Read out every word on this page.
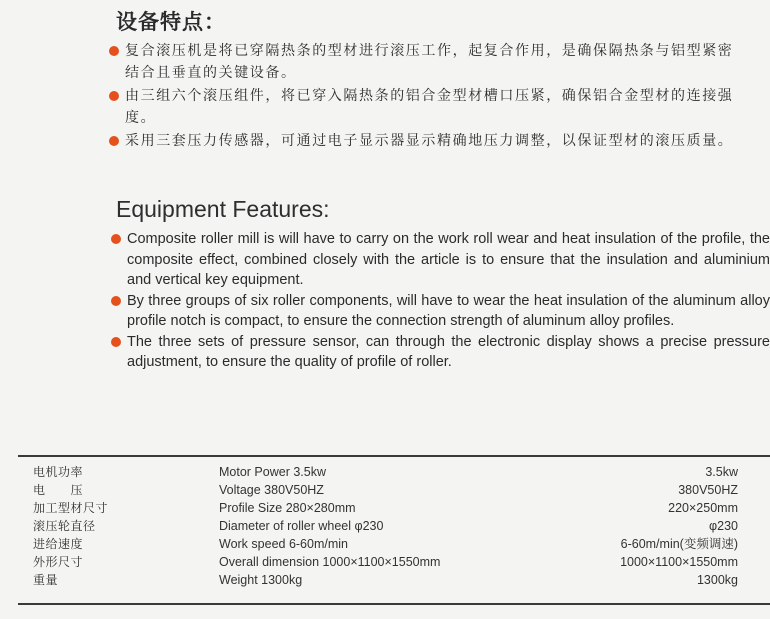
设备特点：
复合滚压机是将已穿隔热条的型材进行滚压工作，起复合作用，是确保隔热条与铝型紧密结合且垂直的关键设备。
由三组六个滚压组件，将已穿入隔热条的铝合金型材槽口压紧，确保铝合金型材的连接强度。
采用三套压力传感器，可通过电子显示器显示精确地压力调整，以保证型材的滚压质量。
Equipment Features:
Composite roller mill is will have to carry on the work roll wear and heat insulation of the profile, the composite effect, combined closely with the article is to ensure that the insulation and aluminium and vertical key equipment.
By three groups of six roller components, will have to wear the heat insulation of the aluminum alloy profile notch is compact, to ensure the connection strength of aluminum alloy profiles.
The three sets of pressure sensor, can through the electronic display shows a precise pressure adjustment, to ensure the quality of profile of roller.
电机功率	Motor Power 3.5kw	3.5kw
电　　压	Voltage 380V50HZ	380V50HZ
加工型材尺寸	Profile Size 280×280mm	220×250mm
滚压轮直径	Diameter of roller wheel φ230	φ230
进给速度	Work speed 6-60m/min	6-60m/min(变频调速)
外形尺寸	Overall dimension 1000×1100×1550mm	1000×1100×1550mm
重量	Weight 1300kg	1300kg
